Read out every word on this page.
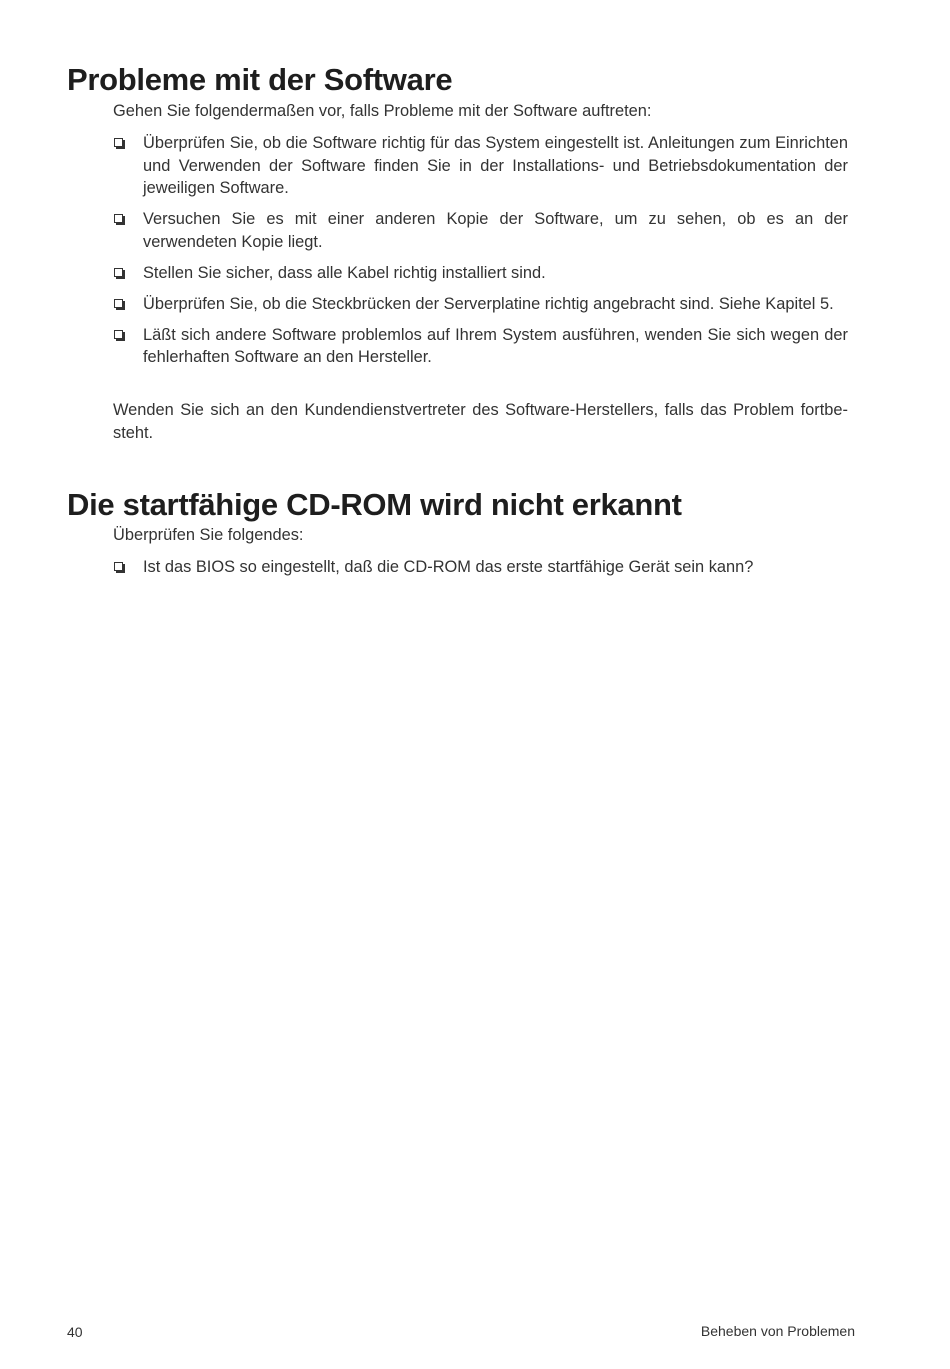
Probleme mit der Software

Gehen Sie folgendermaßen vor, falls Probleme mit der Software auftreten:

Überprüfen Sie, ob die Software richtig für das System eingestellt ist. Anleitungen zum Einrichten und Verwenden der Software finden Sie in der Installations- und Betriebsdokumentation der jeweiligen Software.
Versuchen Sie es mit einer anderen Kopie der Software, um zu sehen, ob es an der verwendeten Kopie liegt.
Stellen Sie sicher, dass alle Kabel richtig installiert sind.
Überprüfen Sie, ob die Steckbrücken der Serverplatine richtig angebracht sind. Siehe Kapitel 5.
Läßt sich andere Software problemlos auf Ihrem System ausführen, wenden Sie sich wegen der fehlerhaften Software an den Hersteller.

Wenden Sie sich an den Kundendienstvertreter des Software-Herstellers, falls das Problem fortbesteht.

Die startfähige CD-ROM wird nicht erkannt

Überprüfen Sie folgendes:

Ist das BIOS so eingestellt, daß die CD-ROM das erste startfähige Gerät sein kann?
40	Beheben von Problemen
